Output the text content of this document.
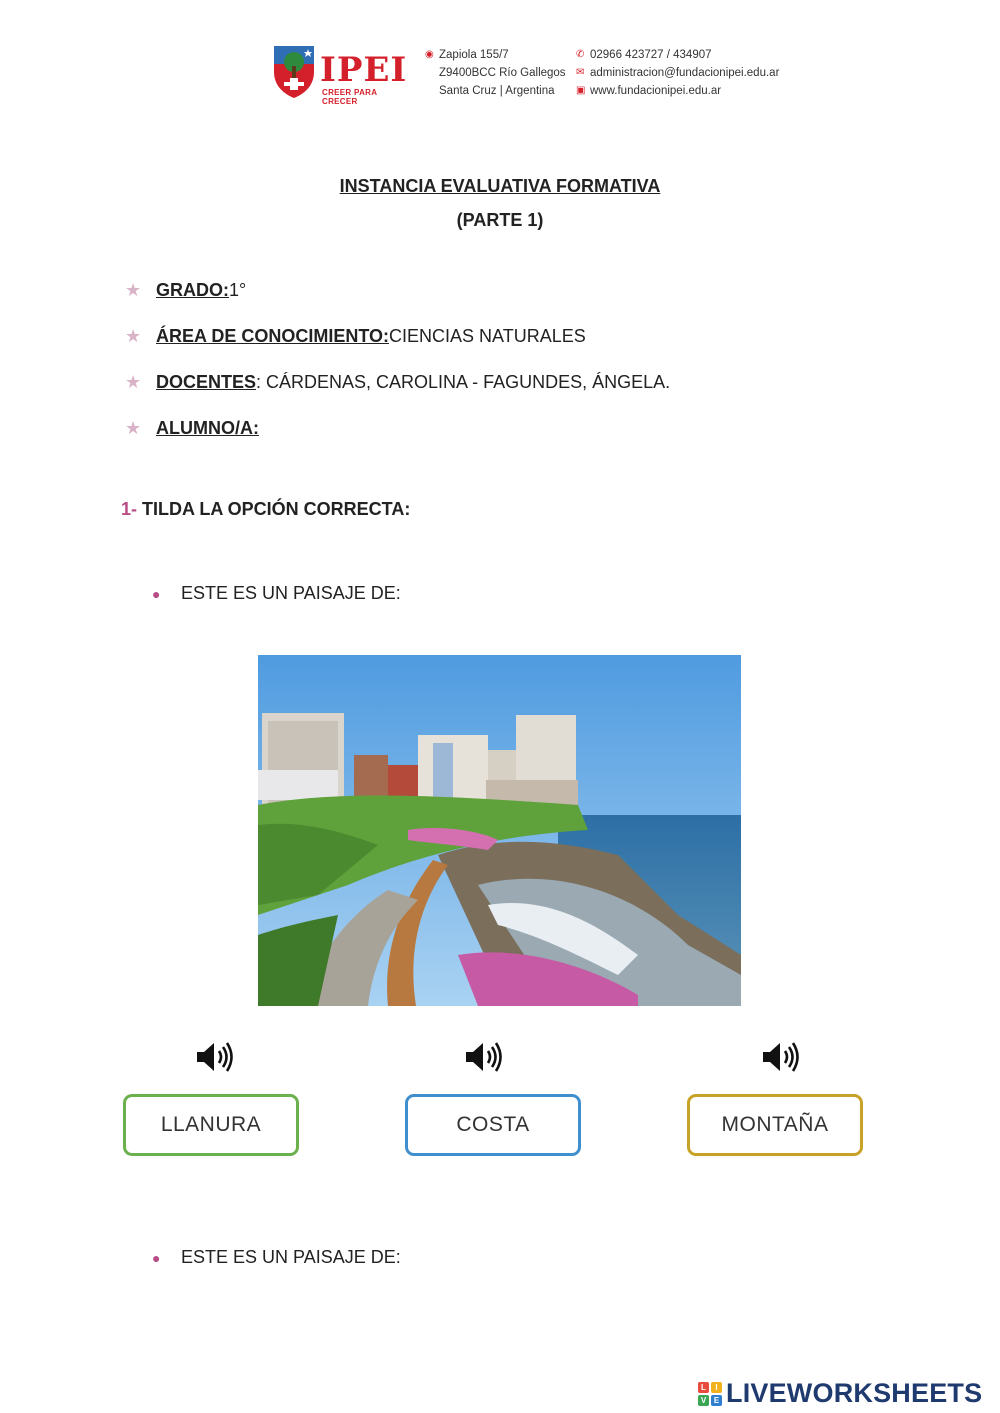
IPEI
CREER PARA CRECER
◉ Zapiola 155/7
Z9400BCC Río Gallegos
Santa Cruz | Argentina
✆ 02966 423727 / 434907
✉ administracion@fundacionipei.edu.ar
▣ www.fundacionipei.edu.ar
INSTANCIA EVALUATIVA FORMATIVA
(PARTE 1)
★ GRADO: 1°
★ ÁREA DE CONOCIMIENTO: CIENCIAS NATURALES
★ DOCENTES : CÁRDENAS, CAROLINA - FAGUNDES, ÁNGELA.
★ ALUMNO/A:
1- TILDA LA OPCIÓN CORRECTA:
●	ESTE ES UN PAISAJE DE:
LLANURA	COSTA	MONTAÑA
●	ESTE ES UN PAISAJE DE:
L	I
V E LIVEWORKSHEETS
